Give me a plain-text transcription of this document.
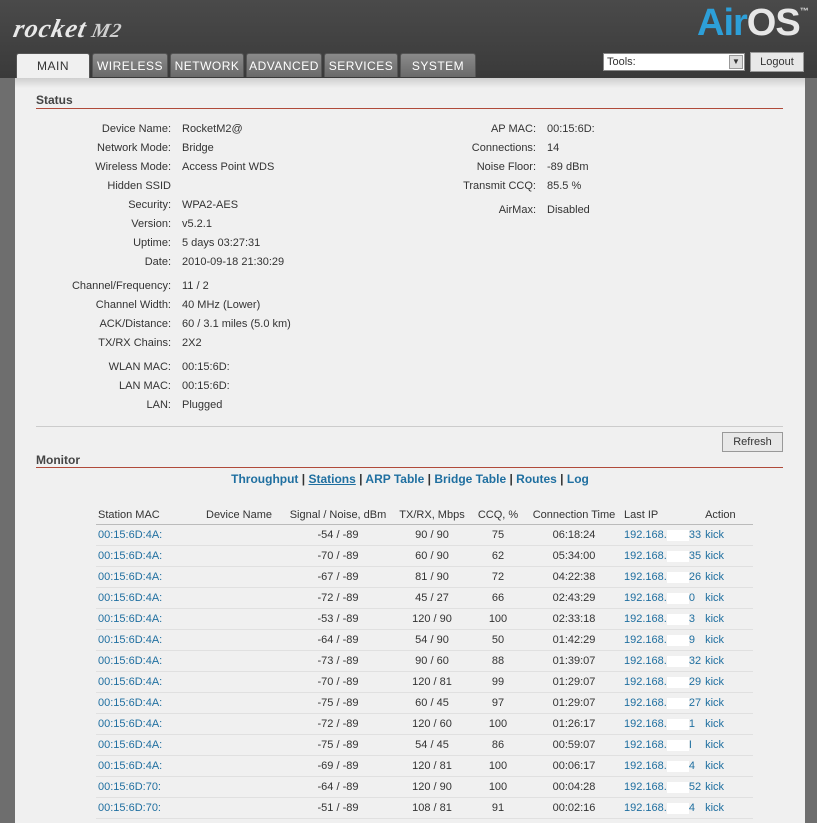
rocketM2	AirOS™
MAIN	WIRELESS NETWORK ADVANCED SERVICES	SYSTEM	Tools:	▼	Logout
Status
Device Name: RocketM2@
Network Mode: Bridge
Wireless Mode: Access Point WDS
Hidden SSID
Security: WPA2-AES
Version: v5.2.1
Uptime: 5 days 03:27:31
Date: 2010-09-18 21:30:29
Channel/Frequency: 11 / 2
Channel Width: 40 MHz (Lower)
ACK/Distance: 60 / 3.1 miles (5.0 km)
TX/RX Chains: 2X2
WLAN MAC: 00:15:6D:
LAN MAC: 00:15:6D:
LAN: Plugged
AP MAC: 00:15:6D:
Connections: 14
Noise Floor: -89 dBm
Transmit CCQ: 85.5 %
AirMax: Disabled
Refresh
Monitor
Throughput | Stations | ARP Table | Bridge Table | Routes | Log
Station MAC	Device Name	Signal / Noise, dBm	TX/RX, Mbps	CCQ, %	Connection Time	Last IP	Action
00:15:6D:4A:		-54 / -89	90 / 90	75	06:18:24	192.168. 33	kick
00:15:6D:4A:		-70 / -89	60 / 90	62	05:34:00	192.168. 35	kick
00:15:6D:4A:		-67 / -89	81 / 90	72	04:22:38	192.168. 26	kick
00:15:6D:4A:		-72 / -89	45 / 27	66	02:43:29	192.168. 0	kick
00:15:6D:4A:		-53 / -89	120 / 90	100	02:33:18	192.168. 3	kick
00:15:6D:4A:		-64 / -89	54 / 90	50	01:42:29	192.168. 9	kick
00:15:6D:4A:		-73 / -89	90 / 60	88	01:39:07	192.168. 32	kick
00:15:6D:4A:		-70 / -89	120 / 81	99	01:29:07	192.168. 29	kick
00:15:6D:4A:		-75 / -89	60 / 45	97	01:29:07	192.168. 27	kick
00:15:6D:4A:		-72 / -89	120 / 60	100	01:26:17	192.168. 1	kick
00:15:6D:4A:		-75 / -89	54 / 45	86	00:59:07	192.168. I	kick
00:15:6D:4A:		-69 / -89	120 / 81	100	00:06:17	192.168. 4	kick
00:15:6D:70:		-64 / -89	120 / 90	100	00:04:28	192.168. 52	kick
00:15:6D:70:		-51 / -89	108 / 81	91	00:02:16	192.168. 4	kick
